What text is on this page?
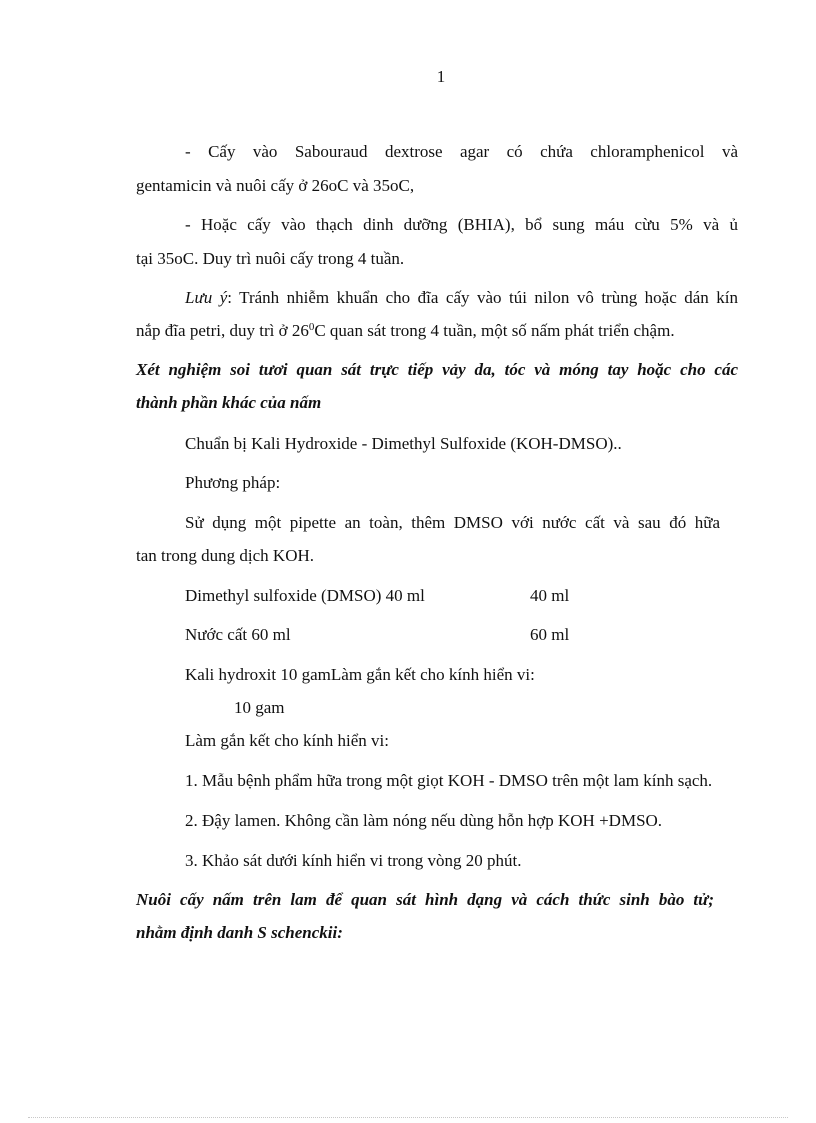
1
- Cấy vào Sabouraud dextrose agar có chứa chloramphenicol và
gentamicin và nuôi cấy ở 26oC và 35oC,
- Hoặc cấy vào thạch dinh dưỡng (BHIA), bổ sung máu cừu 5% và ủ
tại 35oC. Duy trì nuôi cấy trong 4 tuần.
Lưu ý: Tránh nhiễm khuẩn cho đĩa cấy vào túi nilon vô trùng hoặc dán kín
nắp đĩa petri, duy trì ở $26^0C$ quan sát trong 4 tuần, một số nấm phát triển chậm.
Xét nghiệm soi tươi quan sát trực tiếp vảy da, tóc và móng tay hoặc cho các
thành phần khác của nấm
Chuẩn bị Kali Hydroxide - Dimethyl Sulfoxide (KOH-DMSO)..
Phương pháp:
Sử dụng một pipette an toàn, thêm DMSO với nước cất và sau đó hữa
tan trong dung dịch KOH.
Dimethyl sulfoxide (DMSO) 40 ml	40 ml
Nước cất 60 ml	60 ml
Kali hydroxit 10 gamLàm gắn kết cho kính hiển vi:
10 gam
Làm gắn kết cho kính hiển vi:
1. Mẫu bệnh phẩm hữa trong một giọt KOH - DMSO trên một lam kính sạch.
2. Đậy lamen. Không cần làm nóng nếu dùng hỗn hợp KOH +DMSO.
3. Khảo sát dưới kính hiển vi trong vòng 20 phút.
Nuôi cấy nấm trên lam để quan sát hình dạng và cách thức sinh bào tử;
nhằm định danh S schenckii:
